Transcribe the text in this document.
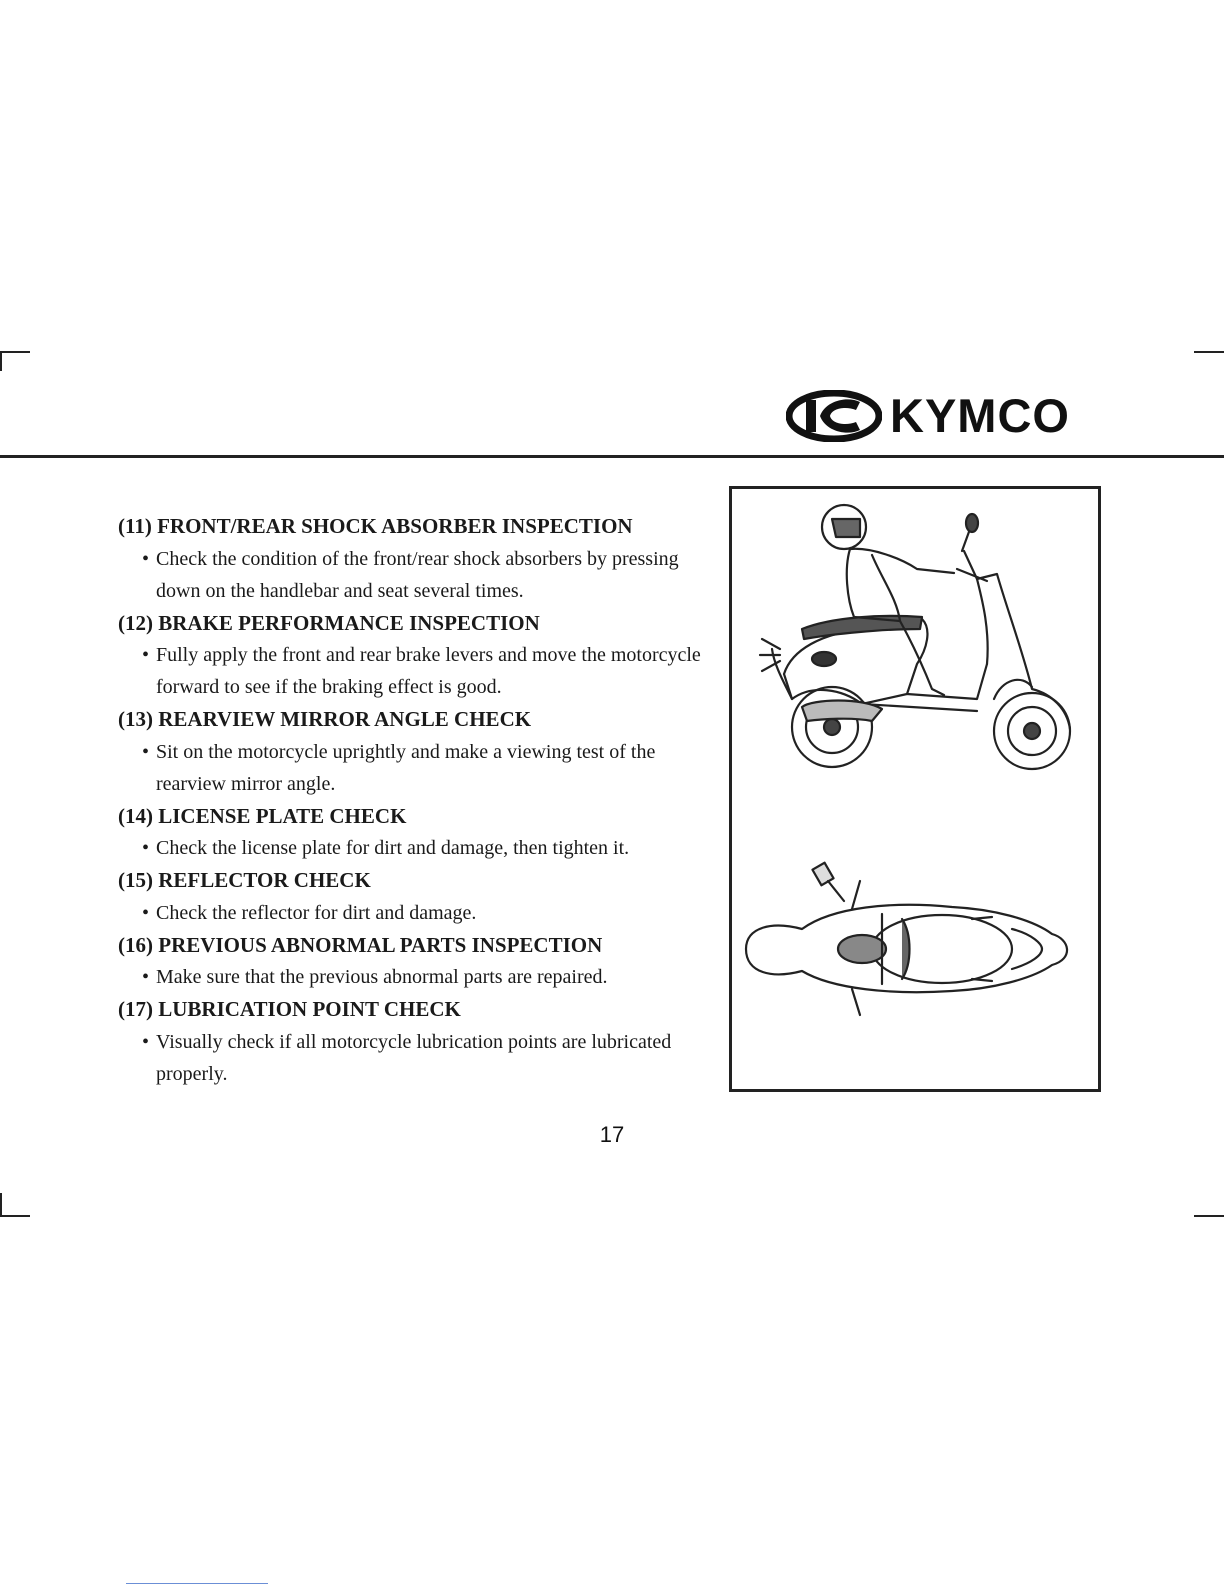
KYMCO
(11) FRONT/REAR SHOCK ABSORBER INSPECTION
• Check the condition of the front/rear shock absorbers by pressing down on the handlebar and seat several times.
(12) BRAKE PERFORMANCE INSPECTION
• Fully apply the front and rear brake levers and move the motorcycle forward to see if the braking effect is good.
(13) REARVIEW MIRROR ANGLE CHECK
• Sit on the motorcycle uprightly and make a viewing test of the rearview mirror angle.
(14) LICENSE PLATE CHECK
• Check the license plate for dirt and damage, then tighten it.
(15) REFLECTOR CHECK
• Check the reflector for dirt and damage.
(16) PREVIOUS ABNORMAL PARTS INSPECTION
• Make sure that the previous abnormal parts are repaired.
(17) LUBRICATION POINT CHECK
• Visually check if all motorcycle lubrication points are lubricated properly.
17
